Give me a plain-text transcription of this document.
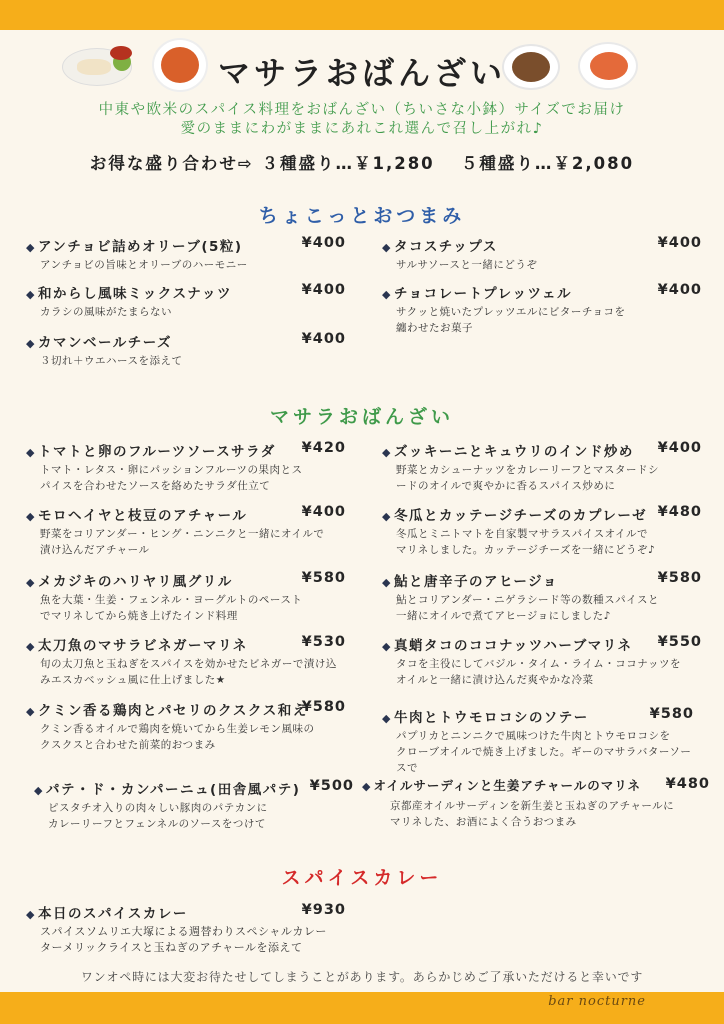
マサラおばんざい
中東や欧米のスパイス料理をおばんざい（ちいさな小鉢）サイズでお届け
愛のままにわがままにあれこれ選んで召し上がれ♪
お得な盛り合わせ⇨ ３種盛り…￥1,280　 ５種盛り…￥2,080
ちょこっとおつまみ
◆ アンチョビ詰めオリーブ(5粒)	¥400
アンチョビの旨味とオリーブのハーモニー
◆ タコスチップス	¥400
サルサソースと一緒にどうぞ
◆ 和からし風味ミックスナッツ	¥400
カラシの風味がたまらない
◆ チョコレートプレッツェル	¥400
サクッと焼いたプレッツエルにビターチョコを
纏わせたお菓子
◆ カマンベールチーズ	¥400
３切れ＋ウエハースを添えて
マサラおばんざい
◆ トマトと卵のフルーツソースサラダ ¥420
トマト・レタス・卵にパッションフルーツの果肉とス
パイスを合わせたソースを絡めたサラダ仕立て
◆ ズッキーニとキュウリのインド炒め ¥400
野菜とカシューナッツをカレーリーフとマスタードシ
ードのオイルで爽やかに香るスパイス炒めに
◆ モロヘイヤと枝豆のアチャール	¥400
野菜をコリアンダー・ヒング・ニンニクと一緒にオイルで
漬け込んだアチャール
◆ 冬瓜とカッテージチーズのカプレーゼ ¥480
冬瓜とミニトマトを自家製マサラスパイスオイルで
マリネしました。カッテージチーズを一緒にどうぞ♪
◆ メカジキのハリヤリ風グリル	¥580
魚を大葉・生姜・フェンネル・ヨーグルトのペースト
でマリネしてから焼き上げたインド料理
◆ 鮎と唐辛子のアヒージョ	¥580
鮎とコリアンダー・ニゲラシード等の数種スパイスと
一緒にオイルで煮てアヒージョにしました♪
◆ 太刀魚のマサラビネガーマリネ	¥530
旬の太刀魚と玉ねぎをスパイスを効かせたビネガーで漬け込
みエスカベッシュ風に仕上げました★
◆ 真蛸タコのココナッツハーブマリネ ¥550
タコを主役にしてバジル・タイム・ライム・ココナッツを
オイルと一緒に漬け込んだ爽やかな冷菜
◆ クミン香る鶏肉とパセリのクスクス和え
¥580
クミン香るオイルで鶏肉を焼いてから生姜レモン風味の
クスクスと合わせた前菜的おつまみ
◆ 牛肉とトウモロコシのソテー	¥580
パプリカとニンニクで風味つけた牛肉とトウモロコシを
クローブオイルで焼き上げました。ギーのマサラバターソースで
◆ パテ・ド・カンパーニュ(田舎風パテ) ¥500
ピスタチオ入りの肉々しい豚肉のパテカンに
カレーリーフとフェンネルのソースをつけて
◆ オイルサーディンと生姜アチャールのマリネ ¥480
京都産オイルサーディンを新生姜と玉ねぎのアチャールに
マリネした、お酒によく合うおつまみ
スパイスカレー
◆ 本日のスパイスカレー	¥930
スパイスソムリエ大塚による週替わりスペシャルカレー
ターメリックライスと玉ねぎのアチャールを添えて
ワンオペ時には大変お待たせしてしまうことがあります。あらかじめご了承いただけると幸いです
bar nocturne
